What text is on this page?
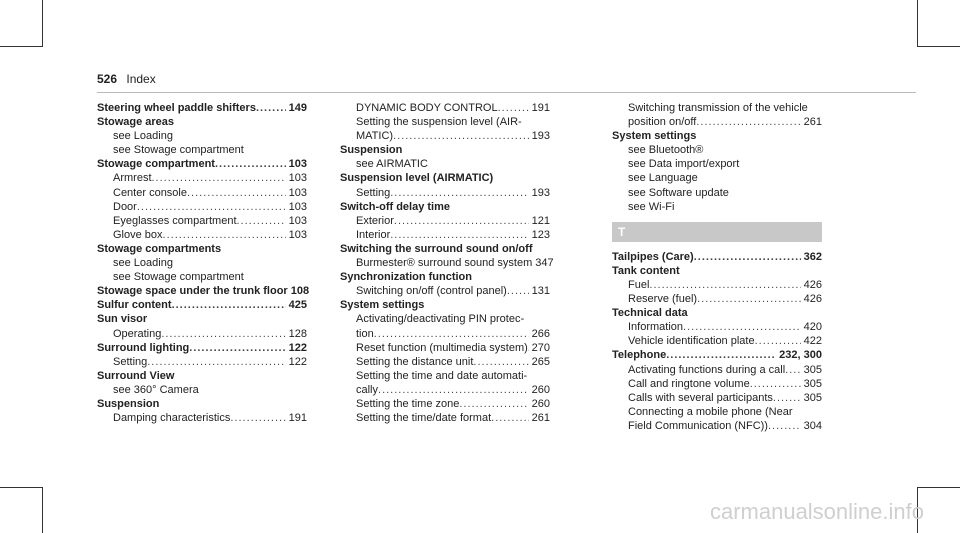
526 Index
Steering wheel paddle shifters .....	149
Stowage areas
see Loading
see Stowage compartment
Stowage compartment .....	103
Armrest .....	103
Center console .....	103
Door .....	103
Eyeglasses compartment .....	103
Glove box .....	103
Stowage compartments
see Loading
see Stowage compartment
Stowage space under the trunk floor 108
Sulfur content .....	425
Sun visor
Operating .....	128
Surround lighting .....	122
Setting .....	122
Surround View
see 360° Camera
Suspension
Damping characteristics .....	191
DYNAMIC BODY CONTROL .....	191
Setting the suspension level (AIR-
MATIC) .....	193
Suspension
see AIRMATIC
Suspension level (AIRMATIC)
Setting .....	193
Switch-off delay time
Exterior .....	121
Interior .....	123
Switching the surround sound on/off
Burmester® surround sound system 347
Synchronization function
Switching on/off (control panel) ..... 131
System settings
Activating/deactivating PIN protec-
tion .....	266
Reset function (multimedia system) ..... 270
Setting the distance unit .....	265
Setting the time and date automati-
cally .....	260
Setting the time zone .....	260
Setting the time/date format .....	261
Switching transmission of the vehicle
position on/off .....	261
System settings
see Bluetooth®
see Data import/export
see Language
see Software update
see Wi-Fi
T
Tailpipes (Care) .....	362
Tank content
Fuel .....	426
Reserve (fuel) .....	426
Technical data
Information .....	420
Vehicle identification plate .....	422
Telephone .....	232, 300
Activating functions during a call ..... 305
Call and ringtone volume .....	305
Calls with several participants .....	305
Connecting a mobile phone (Near
Field Communication (NFC)) .....	304
carmanualsonline.info
